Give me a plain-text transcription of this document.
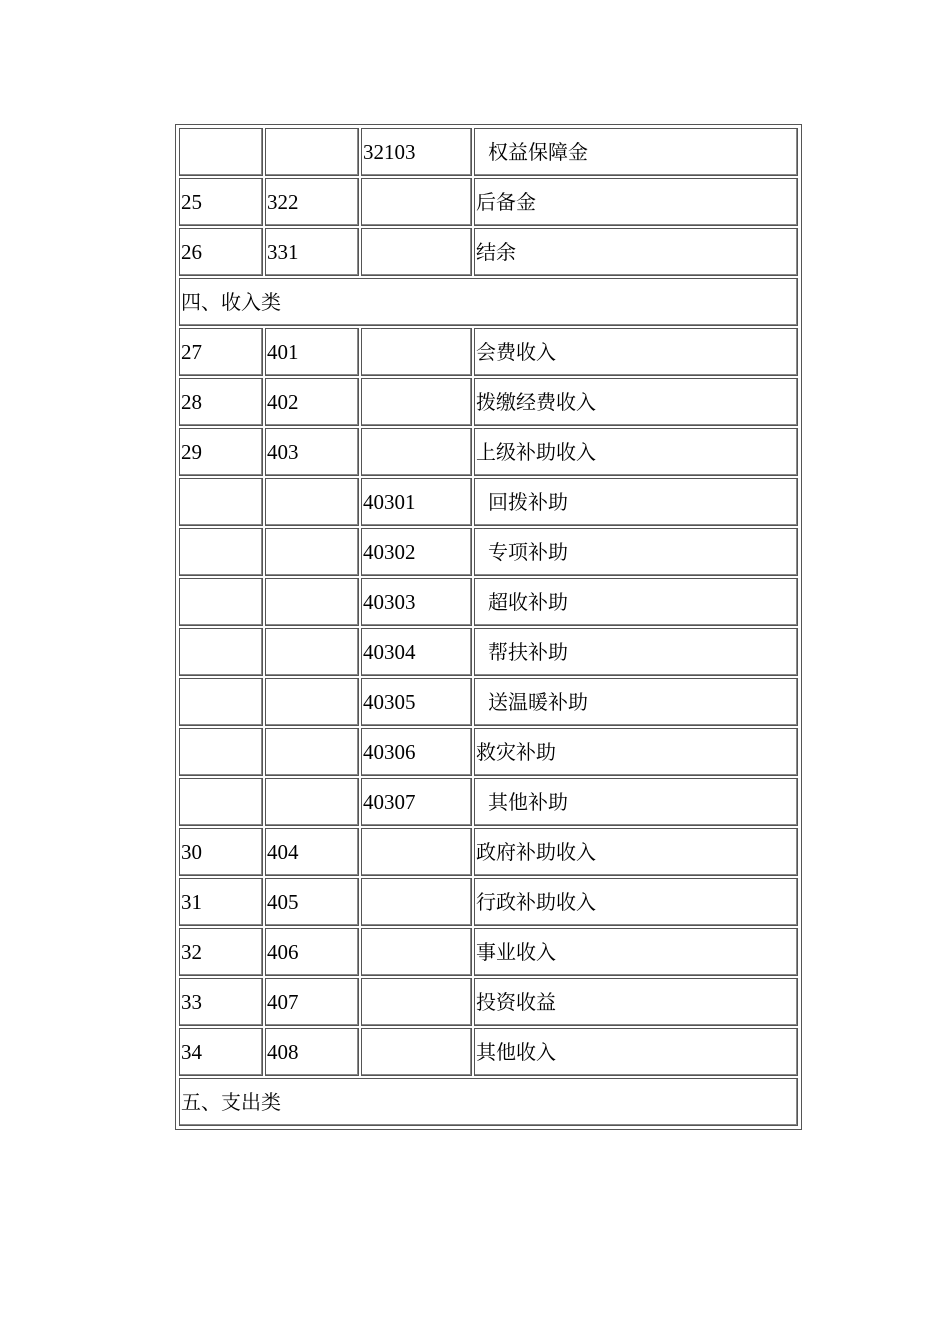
		32103	权益保障金
25	322		后备金
26	331		结余
四、收入类			
27	401		会费收入
28	402		拨缴经费收入
29	403		上级补助收入
		40301	回拨补助
		40302	专项补助
		40303	超收补助
		40304	帮扶补助
		40305	送温暖补助
		40306	救灾补助
		40307	其他补助
30	404		政府补助收入
31	405		行政补助收入
32	406		事业收入
33	407		投资收益
34	408		其他收入
五、支出类			
